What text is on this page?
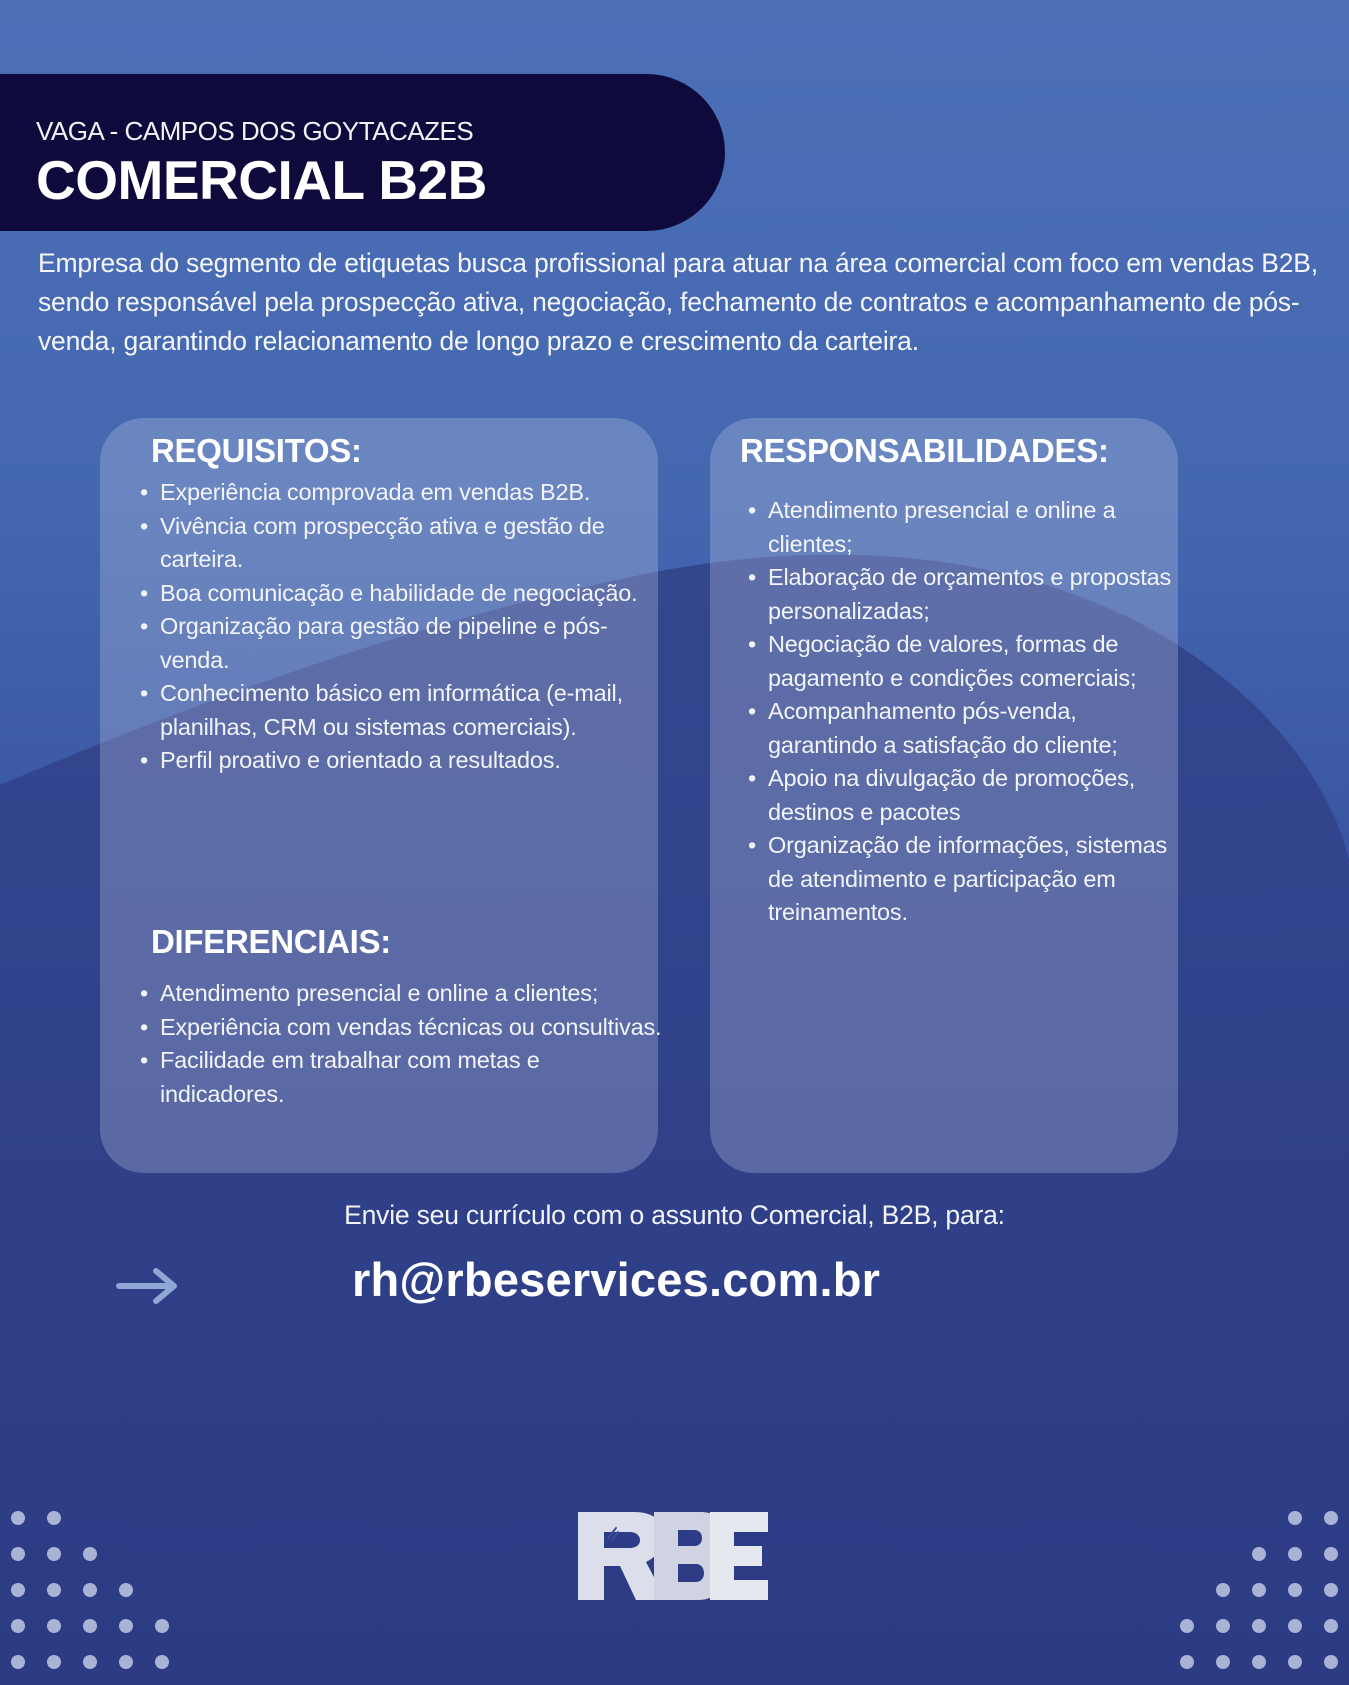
VAGA - CAMPOS DOS GOYTACAZES
COMERCIAL B2B

Empresa do segmento de etiquetas busca profissional para atuar na área comercial com foco em vendas B2B, sendo responsável pela prospecção ativa, negociação, fechamento de contratos e acompanhamento de pós-venda, garantindo relacionamento de longo prazo e crescimento da carteira.

REQUISITOS:
• Experiência comprovada em vendas B2B.
• Vivência com prospecção ativa e gestão de carteira.
• Boa comunicação e habilidade de negociação.
• Organização para gestão de pipeline e pós-venda.
• Conhecimento básico em informática (e-mail, planilhas, CRM ou sistemas comerciais).
• Perfil proativo e orientado a resultados.
DIFERENCIAIS:
• Atendimento presencial e online a clientes;
• Experiência com vendas técnicas ou consultivas.
• Facilidade em trabalhar com metas e indicadores.
RESPONSABILIDADES:
• Atendimento presencial e online a clientes;
• Elaboração de orçamentos e propostas personalizadas;
• Negociação de valores, formas de pagamento e condições comerciais;
• Acompanhamento pós-venda, garantindo a satisfação do cliente;
• Apoio na divulgação de promoções, destinos e pacotes
• Organização de informações, sistemas de atendimento e participação em treinamentos.
Envie seu currículo com o assunto Comercial, B2B, para:
rh@rbeservices.com.br
